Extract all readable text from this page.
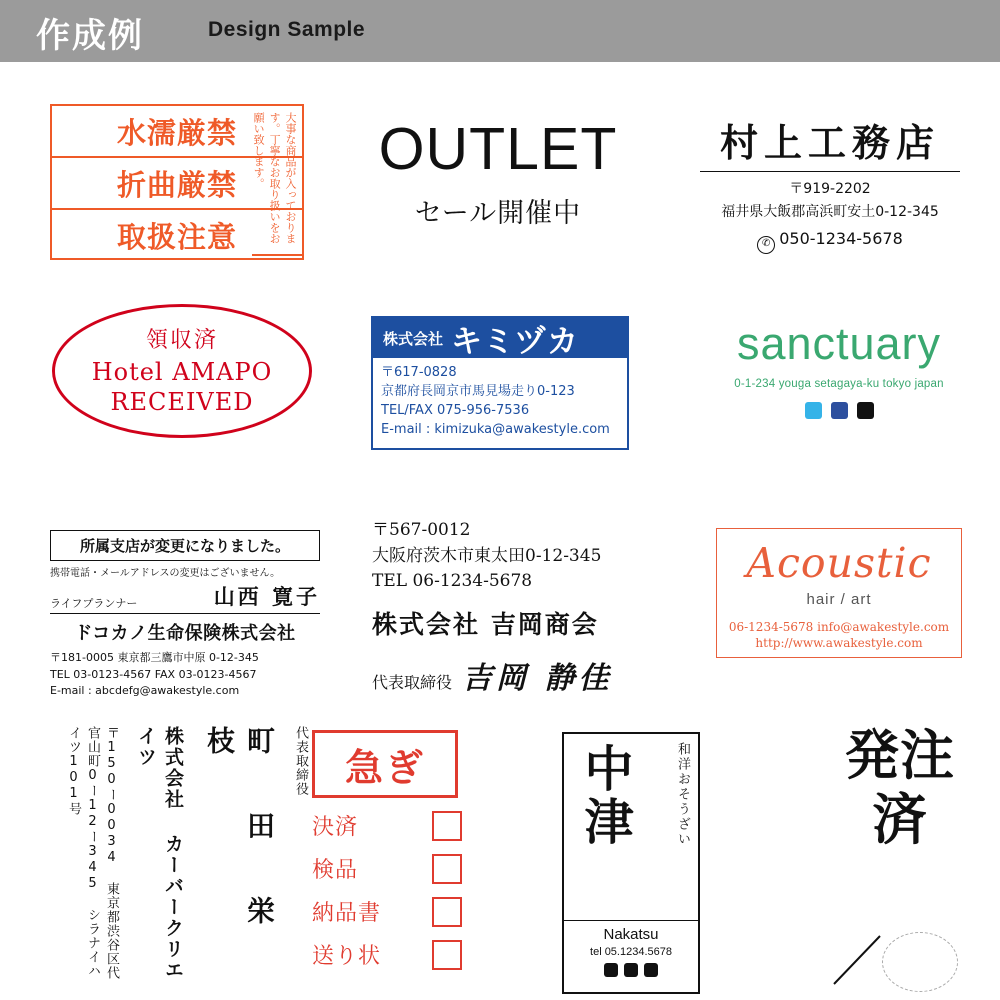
作成例	Design Sample
水濡厳禁
折曲厳禁
取扱注意	大事な商品が入っております。丁寧なお取り扱いをお願い致します。	OUTLET
セール開催中
村上工務店
〒919-2202
福井県大飯郡高浜町安土0-12-345
✆ 050-1234-5678
領収済
Hotel AMAPO
RECEIVED
株式会社 キミヅカ
〒617-0828
京都府長岡京市馬見場走り0-123
TEL/FAX 075-956-7536
E-mail : kimizuka@awakestyle.com
sanctuary
0-1-234 youga setagaya-ku tokyo japan
所属支店が変更になりました。
携帯電話・メールアドレスの変更はございません。
ライフプランナー	山西 寛子
ドコカノ生命保険株式会社
〒181-0005 東京都三鷹市中原 0-12-345
TEL 03-0123-4567 FAX 03-0123-4567
E-mail : abcdefg@awakestyle.com
〒567-0012
大阪府茨木市東太田0-12-345
TEL 06-1234-5678
株式会社 吉岡商会
代表取締役 吉岡 静佳
Acoustic
hair / art
06-1234-5678 info@awakestyle.com
http://www.awakestyle.com
代表取締役
町 田 栄 枝
株式会社 カーバークリエイツ
〒150ー0034 東京都渋谷区代官山町0ー12ー345 シラナイハイツ101号	急ぎ
決済
検品
納品書
送り状
中津	和洋おそうざい
Nakatsu
tel 05.1234.5678
発注済
